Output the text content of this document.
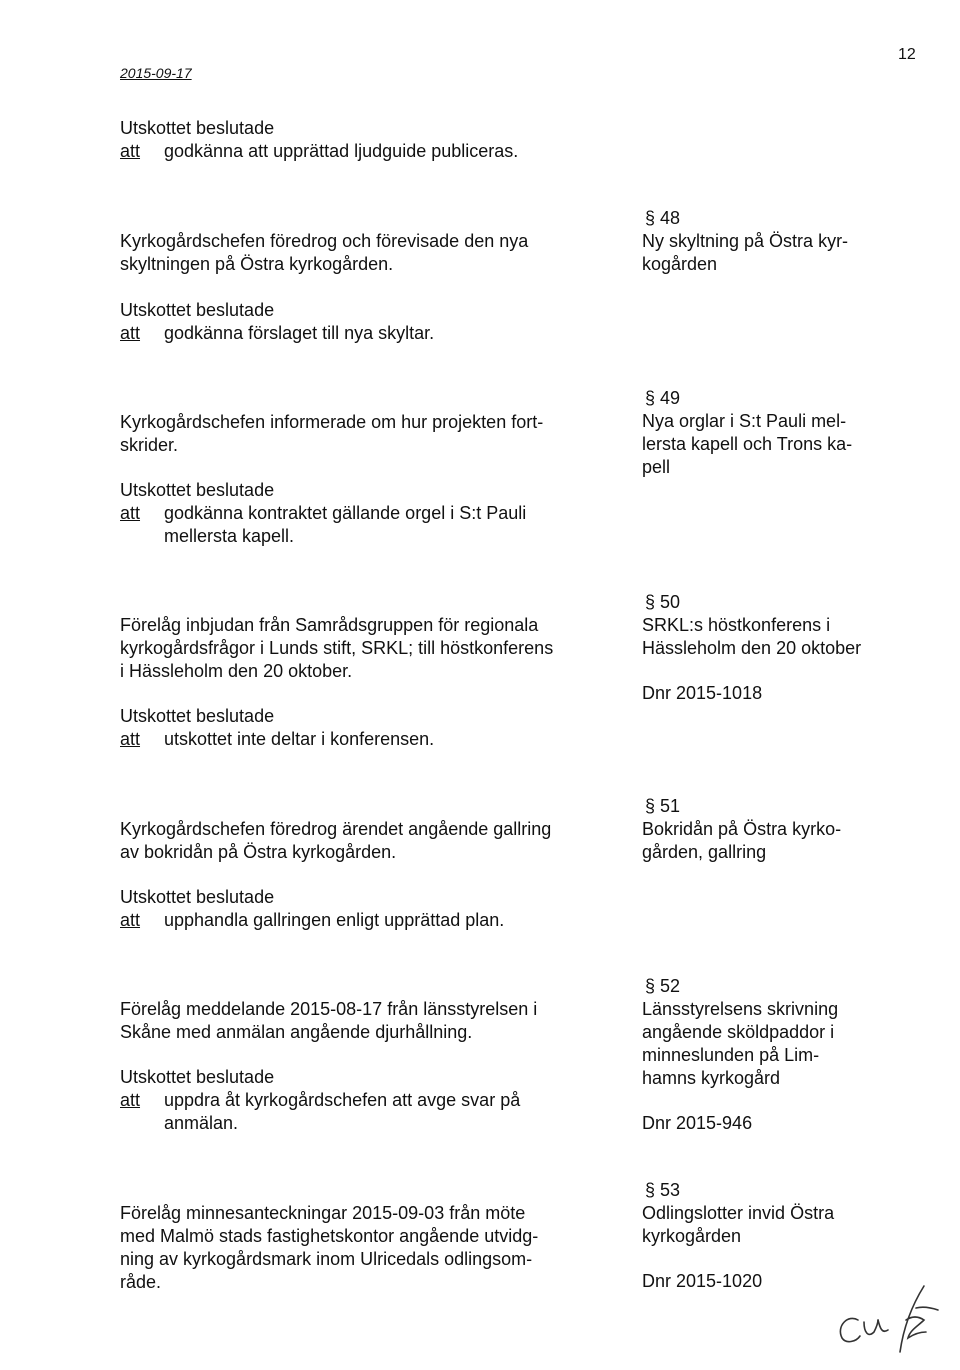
12
2015-09-17

Utskottet beslutade

att	godkänna att upprättad ljudguide publiceras.
§ 48
Ny skyltning på Östra kyr-
kogården

Kyrkogårdschefen föredrog och förevisade den nya

skyltningen på Östra kyrkogården.

Utskottet beslutade

att	godkänna förslaget till nya skyltar.
§ 49
Nya orglar i S:t Pauli mel-
lersta kapell och Trons ka-
pell

Kyrkogårdschefen informerade om hur projekten fort-

skrider.

Utskottet beslutade

att	godkänna kontraktet gällande orgel i S:t Pauli
mellersta kapell.
§ 50
SRKL:s höstkonferens i
Hässleholm den 20 oktober
Dnr 2015-1018

Förelåg inbjudan från Samrådsgruppen för regionala

kyrkogårdsfrågor i Lunds stift, SRKL; till höstkonferens

i Hässleholm den 20 oktober.

Utskottet beslutade

att	utskottet inte deltar i konferensen.
§ 51
Bokridån på Östra kyrko-
gården, gallring

Kyrkogårdschefen föredrog ärendet angående gallring

av bokridån på Östra kyrkogården.

Utskottet beslutade

att	upphandla gallringen enligt upprättad plan.
§ 52
Länsstyrelsens skrivning
angående sköldpaddor i
minneslunden på Lim-
hamns kyrkogård
Dnr 2015-946

Förelåg meddelande 2015-08-17 från länsstyrelsen i

Skåne med anmälan angående djurhållning.

Utskottet beslutade

att	uppdra åt kyrkogårdschefen att avge svar på
anmälan.
§ 53
Odlingslotter invid Östra
kyrkogården
Dnr 2015-1020

Förelåg minnesanteckningar 2015-09-03 från möte

med Malmö stads fastighetskontor angående utvidg-

ning av kyrkogårdsmark inom Ulricedals odlingsom-

råde.
